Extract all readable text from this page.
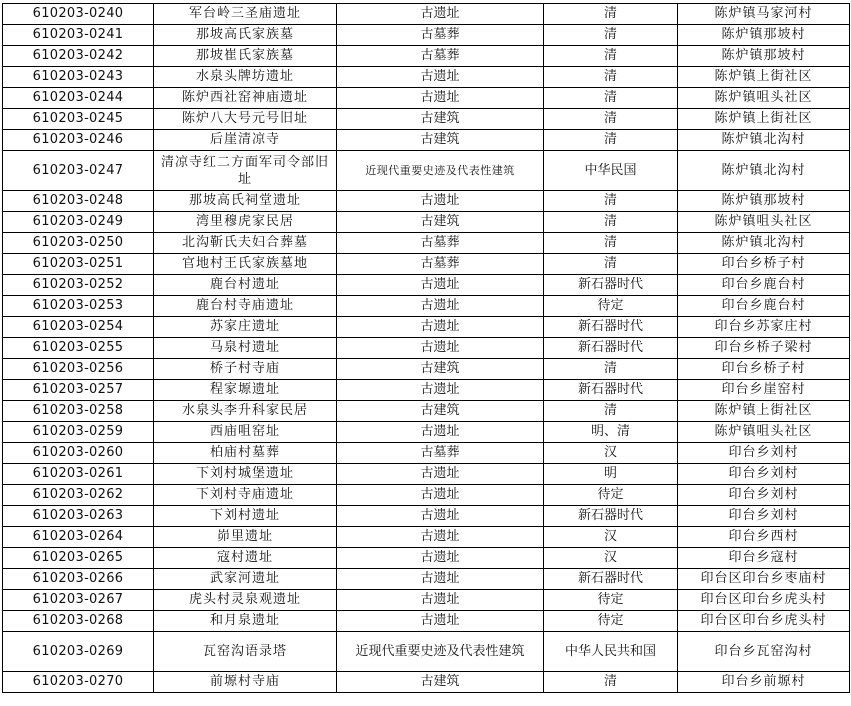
610203-0240	军台岭三圣庙遗址	古遗址	清	陈炉镇马家河村
610203-0241	那坡高氏家族墓	古墓葬	清	陈炉镇那坡村
610203-0242	那坡崔氏家族墓	古墓葬	清	陈炉镇那坡村
610203-0243	水泉头牌坊遗址	古遗址	清	陈炉镇上街社区
610203-0244	陈炉西社窑神庙遗址	古遗址	清	陈炉镇咀头社区
610203-0245	陈炉八大号元号旧址	古建筑	清	陈炉镇上街社区
610203-0246	后崖清凉寺	古建筑	清	陈炉镇北沟村
610203-0247	清凉寺红二方面军司令部旧址	近现代重要史迹及代表性建筑	中华民国	陈炉镇北沟村
610203-0248	那坡高氏祠堂遗址	古遗址	清	陈炉镇那坡村
610203-0249	湾里穆虎家民居	古建筑	清	陈炉镇咀头社区
610203-0250	北沟靳氏夫妇合葬墓	古墓葬	清	陈炉镇北沟村
610203-0251	官地村王氏家族墓地	古墓葬	清	印台乡桥子村
610203-0252	鹿台村遗址	古遗址	新石器时代	印台乡鹿台村
610203-0253	鹿台村寺庙遗址	古遗址	待定	印台乡鹿台村
610203-0254	苏家庄遗址	古遗址	新石器时代	印台乡苏家庄村
610203-0255	马泉村遗址	古遗址	新石器时代	印台乡桥子梁村
610203-0256	桥子村寺庙	古建筑	清	印台乡桥子村
610203-0257	程家塬遗址	古遗址	新石器时代	印台乡崖窑村
610203-0258	水泉头李升科家民居	古建筑	清	陈炉镇上街社区
610203-0259	西庙咀窑址	古遗址	明、清	陈炉镇咀头社区
610203-0260	柏庙村墓葬	古墓葬	汉	印台乡刘村
610203-0261	下刘村城堡遗址	古遗址	明	印台乡刘村
610203-0262	下刘村寺庙遗址	古遗址	待定	印台乡刘村
610203-0263	下刘村遗址	古遗址	新石器时代	印台乡刘村
610203-0264	峁里遗址	古遗址	汉	印台乡西村
610203-0265	寇村遗址	古遗址	汉	印台乡寇村
610203-0266	武家河遗址	古遗址	新石器时代	印台区印台乡枣庙村
610203-0267	虎头村灵泉观遗址	古遗址	待定	印台区印台乡虎头村
610203-0268	和月泉遗址	古遗址	待定	印台区印台乡虎头村
610203-0269	瓦窑沟语录塔	近现代重要史迹及代表性建筑	中华人民共和国	印台乡瓦窑沟村
610203-0270	前塬村寺庙	古建筑	清	印台乡前塬村
